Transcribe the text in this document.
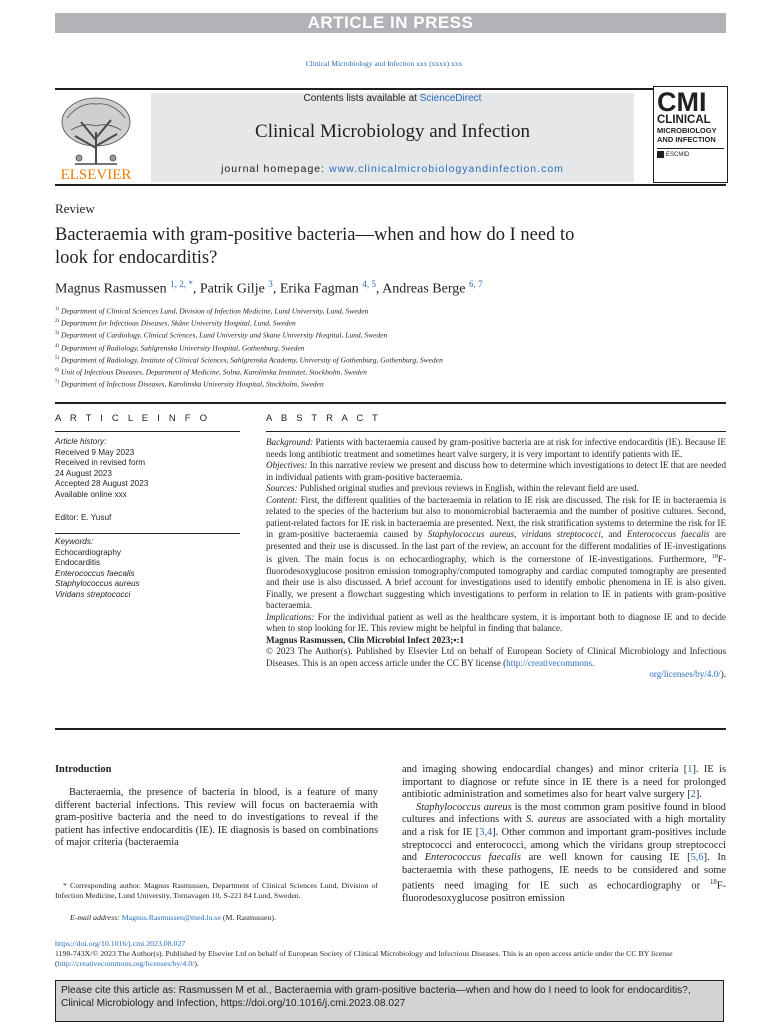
ARTICLE IN PRESS
Clinical Microbiology and Infection xxx (xxxx) xxx
ELSEVIER
Contents lists available at ScienceDirect
Clinical Microbiology and Infection
journal homepage: www.clinicalmicrobiologyandinfection.com
CMI
CLINICAL
MICROBIOLOGY
AND INFECTION
ESCMID
Review
Bacteraemia with gram-positive bacteria—when and how do I need to
look for endocarditis?
Magnus Rasmussen $^{1, 2, *}$, Patrik Gilje $^3$, Erika Fagman $^{4, 5}$, Andreas Berge $^{6, 7}$
$^{1)}$ Department of Clinical Sciences Lund, Division of Infection Medicine, Lund University, Lund, Sweden
$^{2)}$ Department for Infectious Diseases, Skåne University Hospital, Lund, Sweden
$^{3)}$ Department of Cardiology, Clinical Sciences, Lund University and Skane University Hospital, Lund, Sweden
$^{4)}$ Department of Radiology, Sahlgrenska University Hospital, Gothenburg, Sweden
$^{5)}$ Department of Radiology, Institute of Clinical Sciences, Sahlgrenska Academy, University of Gothenburg, Gothenburg, Sweden
$^{6)}$ Unit of Infectious Diseases, Department of Medicine, Solna, Karolinska Institutet, Stockholm, Sweden
$^{7)}$ Department of Infectious Diseases, Karolinska University Hospital, Stockholm, Sweden
A R T I C L E I N F O
Article history:
Received 9 May 2023
Received in revised form
24 August 2023
Accepted 28 August 2023
Available online xxx
Editor: E. Yusuf
Keywords:
Echocardiography
Endocarditis
Enterococcus faecalis
Staphylococcus aureus
Viridans streptococci
A B S T R A C T

Background: Patients with bacteraemia caused by gram-positive bacteria are at risk for infective endocarditis (IE). Because IE needs long antibiotic treatment and sometimes heart valve surgery, it is very important to identify patients with IE.

Objectives: In this narrative review we present and discuss how to determine which investigations to detect IE that are needed in individual patients with gram-positive bacteraemia.

Sources: Published original studies and previous reviews in English, within the relevant field are used.

Content: First, the different qualities of the bacteraemia in relation to IE risk are discussed. The risk for IE in bacteraemia is related to the species of the bacterium but also to monomicrobial bacteraemia and the number of positive cultures. Second, patient-related factors for IE risk in bacteraemia are presented. Next, the risk stratification systems to determine the risk for IE in gram-positive bacteraemia caused by Staphylococcus aureus, viridans streptococci, and Enterococcus faecalis are presented and their use is discussed. In the last part of the review, an account for the different modalities of IE-investigations is given. The main focus is on echocardiography, which is the cornerstone of IE-investigations. Furthermore, $^{18}$F-fluorodesoxyglucose positron emission tomography/computed tomography and cardiac computed tomography are presented and their use is also discussed. A brief account for investigations used to identify embolic phenomena in IE is also given. Finally, we present a flowchart suggesting which investigations to perform in relation to IE in patients with gram-positive bacteraemia.

Implications: For the individual patient as well as the healthcare system, it is important both to diagnose IE and to decide when to stop looking for IE. This review might be helpful in finding that balance.

Magnus Rasmussen, Clin Microbiol Infect 2023;▪:1

© 2023 The Author(s). Published by Elsevier Ltd on behalf of European Society of Clinical Microbiology and Infectious Diseases. This is an open access article under the CC BY license (http://creativecommons.

org/licenses/by/4.0/).

Introduction

Bacteraemia, the presence of bacteria in blood, is a feature of many different bacterial infections. This review will focus on bacteraemia with gram-positive bacteria and the need to do investigations to reveal if the patient has infective endocarditis (IE). IE diagnosis is based on combinations of major criteria (bacteraemia

* Corresponding author. Magnus Rasmussen, Department of Clinical Sciences Lund, Division of Infection Medicine, Lund University, Tornavagen 10, S-221 84 Lund, Sweden.
E-mail address: Magnus.Rasmussen@med.lu.se (M. Rasmussen).

and imaging showing endocardial changes) and minor criteria [1]. IE is important to diagnose or refute since in IE there is a need for prolonged antibiotic administration and sometimes also for heart valve surgery [2].

Staphylococcus aureus is the most common gram positive found in blood cultures and infections with S. aureus are associated with a high mortality and a risk for IE [3,4]. Other common and important gram-positives include streptococci and enterococci, among which the viridans group streptococci and Enterococcus faecalis are well known for causing IE [5,6]. In bacteraemia with these pathogens, IE needs to be considered and some patients need imaging for IE such as echocardiography or $^{18}$F-fluorodesoxyglucose positron emission

https://doi.org/10.1016/j.cmi.2023.08.027
1198-743X/© 2023 The Author(s). Published by Elsevier Ltd on behalf of European Society of Clinical Microbiology and Infectious Diseases. This is an open access article under the CC BY license (http://creativecommons.org/licenses/by/4.0/).
Please cite this article as: Rasmussen M et al., Bacteraemia with gram-positive bacteria—when and how do I need to look for endocarditis?, Clinical Microbiology and Infection, https://doi.org/10.1016/j.cmi.2023.08.027
